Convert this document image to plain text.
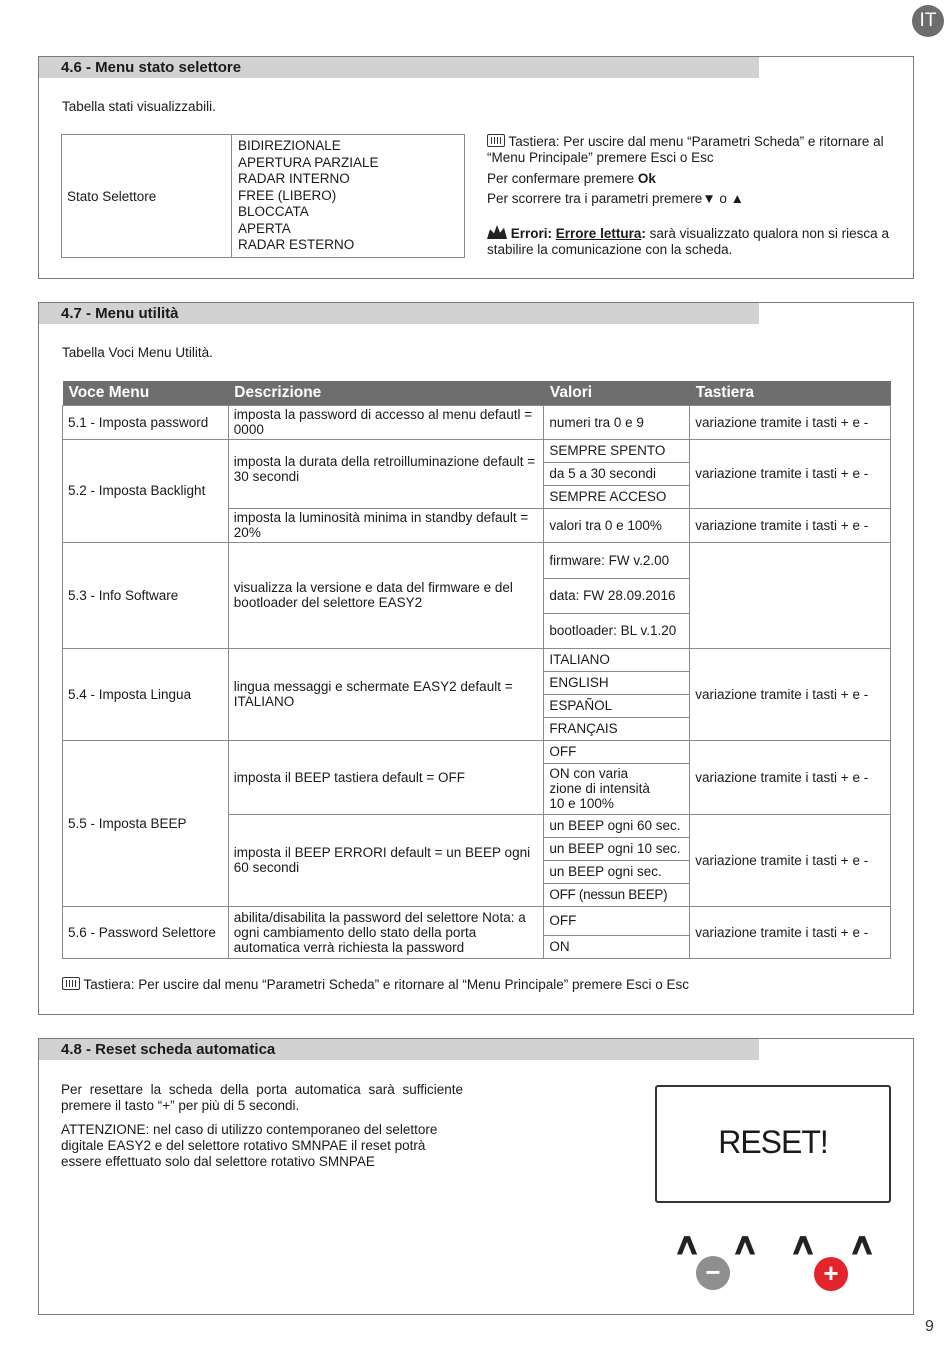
IT
4.6 - Menu stato selettore
Tabella stati visualizzabili.
Stato Selettore	
BIDIREZIONALE
APERTURA PARZIALE
RADAR INTERNO
FREE (LIBERO)
BLOCCATA
APERTA
RADAR ESTERNO
Tastiera: Per uscire dal menu “Parametri Scheda” e ritornare al “Menu Principale” premere Esci o Esc
Per confermare premere Ok
Per scorrere tra i parametri premere▼ o ▲
Errori: Errore lettura: sarà visualizzato qualora non si riesca a stabilire la comunicazione con la scheda.
4.7 - Menu utilità
Tabella Voci Menu Utilità.
Voce Menu	Descrizione	Valori	Tastiera
5.1 - Imposta password	imposta la password di accesso al menu defautl = 0000	numeri tra 0 e 9	variazione tramite i tasti + e -
5.2 - Imposta Backlight	imposta la durata della retroilluminazione default = 30 secondi	SEMPRE SPENTO	variazione tramite i tasti + e -
		da 5 a 30 secondi	
		SEMPRE ACCESO	
	imposta la luminosità minima in standby default = 20%	valori tra 0 e 100%	variazione tramite i tasti + e -
5.3 - Info Software	visualizza la versione e data del firmware e del bootloader del selettore EASY2	firmware: FW v.2.00	
		data: FW 28.09.2016	
		bootloader: BL v.1.20	
5.4 - Imposta Lingua	lingua messaggi e schermate EASY2 default = ITALIANO	ITALIANO	variazione tramite i tasti + e -
		ENGLISH	
		ESPAÑOL	
		FRANÇAIS	
5.5 - Imposta BEEP	imposta il BEEP tastiera default = OFF	OFF	variazione tramite i tasti + e -
		ON con varia zione di intensità 10 e 100%	
	imposta il BEEP ERRORI default = un BEEP ogni 60 secondi	un BEEP ogni 60 sec.	variazione tramite i tasti + e -
		un BEEP ogni 10 sec.	
		un BEEP ogni sec.	
		OFF (nessun BEEP)	
5.6 - Password Selettore	abilita/disabilita la password del selettore Nota: a ogni cambiamento dello stato della porta automatica verrà richiesta la password	OFF	variazione tramite i tasti + e -
		ON	
Tastiera: Per uscire dal menu “Parametri Scheda” e ritornare al “Menu Principale” premere Esci o Esc
4.8 - Reset scheda automatica
Per resettare la scheda della porta automatica sarà sufficiente premere il tasto “+” per più di 5 secondi.
ATTENZIONE: nel caso di utilizzo contemporaneo del selettore digitale EASY2 e del selettore rotativo SMNPAE il reset potrà essere effettuato solo dal selettore rotativo SMNPAE
RESET!
∧ ∧ ∧ ∧
−	+
9
